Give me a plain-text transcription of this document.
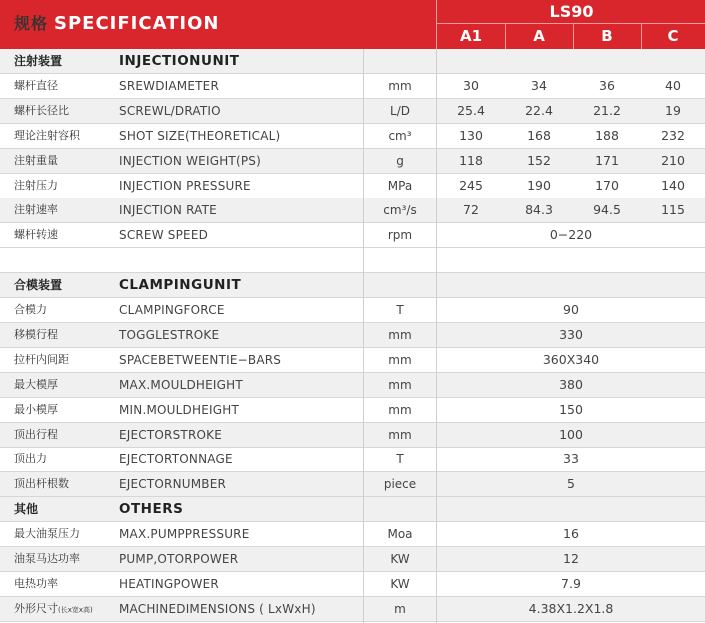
规格 SPECIFICATION
LS90
A1	A	B	C
注射装置	INJECTIONUNIT
螺杆直径	SREWDIAMETER	mm	30	34	36	40
螺杆长径比	SCREWL/DRATIO	L/D	25.4	22.4	21.2	19
理论注射容积	SHOT SIZE(THEORETICAL)	cm³	130	168	188	232
注射重量	INJECTION WEIGHT(PS)	g	118	152	171	210
注射压力	INJECTION PRESSURE	MPa	245	190	170	140
注射速率	INJECTION RATE	cm³/s	72	84.3	94.5	115
螺杆转速	SCREW SPEED	rpm	0−220
合模装置	CLAMPINGUNIT
合模力	CLAMPINGFORCE	T	90
移模行程	TOGGLESTROKE	mm	330
拉杆内间距	SPACEBETWEENTIE−BARS	mm	360X340
最大模厚	MAX.MOULDHEIGHT	mm	380
最小模厚	MIN.MOULDHEIGHT	mm	150
顶出行程	EJECTORSTROKE	mm	100
顶出力	EJECTORTONNAGE	T	33
顶出杆根数	EJECTORNUMBER	piece	5
其他	OTHERS
最大油泵压力	MAX.PUMPPRESSURE	Moa	16
油泵马达功率	PUMP,OTORPOWER	KW	12
电热功率	HEATINGPOWER	KW	7.9
外形尺寸(长x宽x高)	MACHINEDIMENSIONS ( LxWxH)	m	4.38X1.2X1.8
